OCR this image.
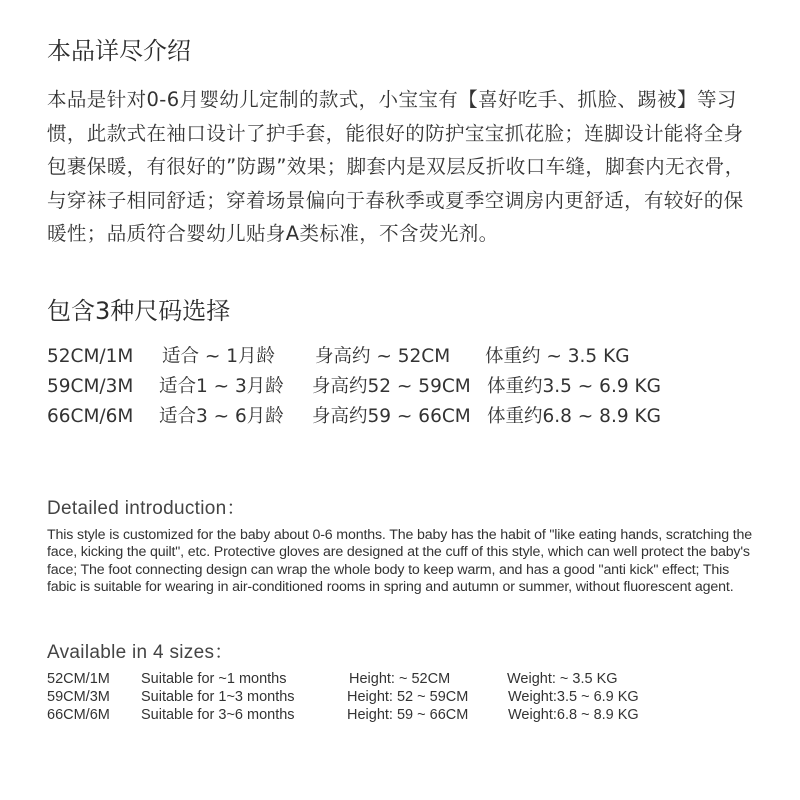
本品详尽介绍

本品是针对0-6月婴幼儿定制的款式，小宝宝有【喜好吃手、抓脸、踢被】等习惯，此款式在袖口设计了护手套，能很好的防护宝宝抓花脸；连脚设计能将全身包裹保暖，有很好的”防踢”效果；脚套内是双层反折收口车缝，脚套内无衣骨，与穿袜子相同舒适；穿着场景偏向于春秋季或夏季空调房内更舒适，有较好的保暖性；品质符合婴幼儿贴身A类标准，不含荧光剂。

包含3种尺码选择
52CM/1M 适合 ~ 1月龄 身高约 ~ 52CM 体重约 ~ 3.5 KG
59CM/3M 适合1 ~ 3月龄 身高约52 ~ 59CM 体重约3.5 ~ 6.9 KG
66CM/6M 适合3 ~ 6月龄 身高约59 ~ 66CM 体重约6.8 ~ 8.9 KG
Detailed introduction：

This style is customized for the baby about 0-6 months. The baby has the habit of "like eating hands, scratching the face, kicking the quilt", etc. Protective gloves are designed at the cuff of this style, which can well protect the baby's face; The foot connecting design can wrap the whole body to keep warm, and has a good "anti kick" effect; This fabic is suitable for wearing in air-conditioned rooms in spring and autumn or summer, without fluorescent agent.

Available in 4 sizes：
52CM/1M Suitable for ~1 months	Height: ~ 52CM	Weight: ~ 3.5 KG
59CM/3M Suitable for 1~3 months	Height: 52 ~ 59CM	Weight:3.5 ~ 6.9 KG
66CM/6M Suitable for 3~6 months	Height: 59 ~ 66CM	Weight:6.8 ~ 8.9 KG
